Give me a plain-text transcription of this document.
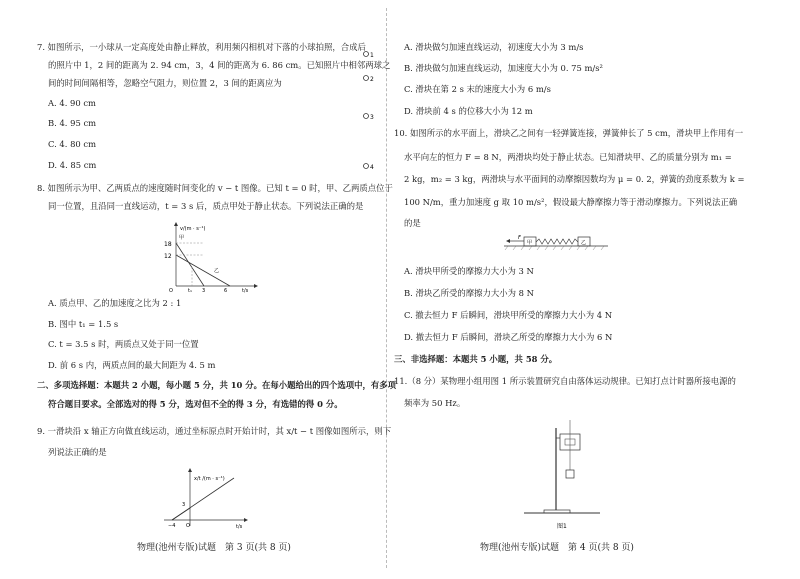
7. 如图所示，一小球从一定高度处由静止释放，利用频闪相机对下落的小球拍照，合成后
的照片中 1，2 间的距离为 2. 94 cm，3，4 间的距离为 6. 86 cm。已知照片中相邻两球之
间的时间间隔相等，忽略空气阻力，则位置 2，3 间的距离应为
A. 4. 90 cm
B. 4. 95 cm
C. 4. 80 cm
D. 4. 85 cm
1
2
3
4
8. 如图所示为甲、乙两质点的速度随时间变化的 v − t 图像。已知 t = 0 时，甲、乙两质点位于
同一位置，且沿同一直线运动，t = 3 s 后，质点甲处于静止状态。下列说法正确的是
v/(m · s⁻¹)
18
12
O	t₁ 3	6	t/s
甲
乙
A. 质点甲、乙的加速度之比为 2 : 1
B. 图中 t₁ = 1.5 s
C. t = 3.5 s 时，两质点又处于同一位置
D. 前 6 s 内，两质点间的最大间距为 4. 5 m
二、多项选择题：本题共 2 小题，每小题 5 分，共 10 分。在每小题给出的四个选项中，有多项
符合题目要求。全部选对的得 5 分，选对但不全的得 3 分，有选错的得 0 分。
9. 一滑块沿 x 轴正方向做直线运动，通过坐标原点时开始计时，其 x/t − t 图像如图所示，则下
列说法正确的是
x/t /(m · s⁻¹)
3
−4 O	t/s
物理(池州专版)试题　第 3 页(共 8 页)
A. 滑块做匀加速直线运动，初速度大小为 3 m/s
B. 滑块做匀加速直线运动，加速度大小为 0. 75 m/s²
C. 滑块在第 2 s 末的速度大小为 6 m/s
D. 滑块前 4 s 的位移大小为 12 m
10. 如图所示的水平面上，滑块乙之间有一轻弹簧连接，弹簧伸长了 5 cm，滑块甲上作用有一
水平向左的恒力 F = 8 N，两滑块均处于静止状态。已知滑块甲、乙的质量分别为 m₁ =
2 kg，m₂ = 3 kg，两滑块与水平面间的动摩擦因数均为 μ = 0. 2，弹簧的劲度系数为 k =
100 N/m，重力加速度 g 取 10 m/s²，假设最大静摩擦力等于滑动摩擦力。下列说法正确
的是
F
甲	乙
A. 滑块甲所受的摩擦力大小为 3 N
B. 滑块乙所受的摩擦力大小为 8 N
C. 撤去恒力 F 后瞬间，滑块甲所受的摩擦力大小为 4 N
D. 撤去恒力 F 后瞬间，滑块乙所受的摩擦力大小为 6 N
三、非选择题：本题共 5 小题，共 58 分。
11.（8 分）某物理小组用图 1 所示装置研究自由落体运动规律。已知打点计时器所接电源的
频率为 50 Hz。
图1
物理(池州专版)试题　第 4 页(共 8 页)
